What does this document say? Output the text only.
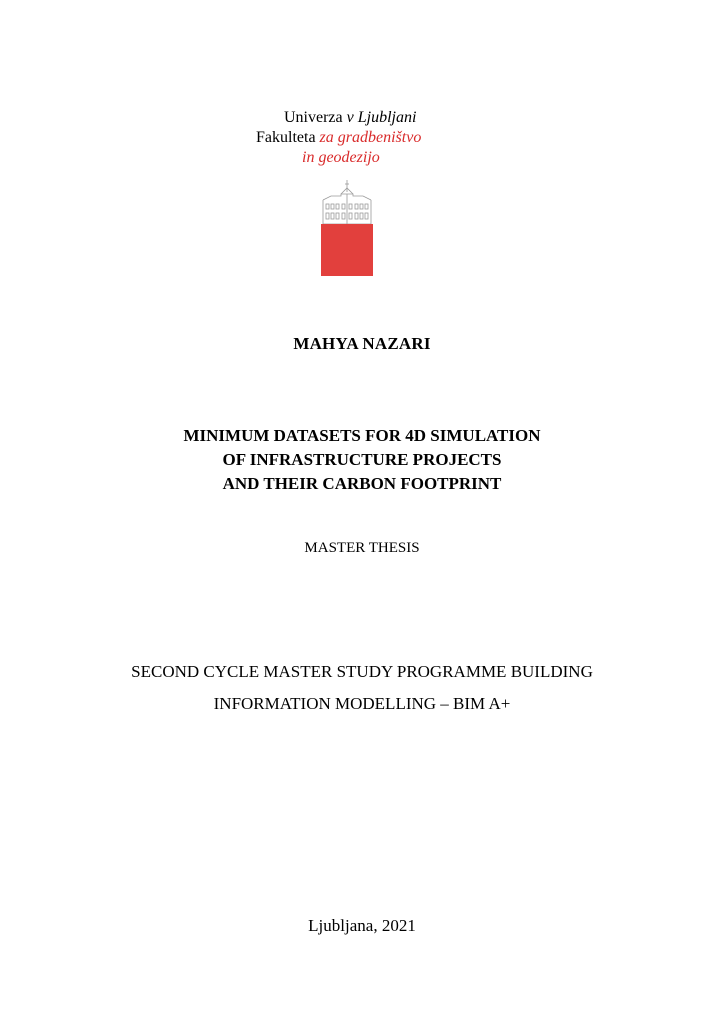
Univerza v Ljubljani
Fakulteta za gradbeništvo
in geodezijo
MAHYA NAZARI
MINIMUM DATASETS FOR 4D SIMULATION
OF INFRASTRUCTURE PROJECTS
AND THEIR CARBON FOOTPRINT
MASTER THESIS
SECOND CYCLE MASTER STUDY PROGRAMME BUILDING
INFORMATION MODELLING – BIM A+
Ljubljana, 2021
